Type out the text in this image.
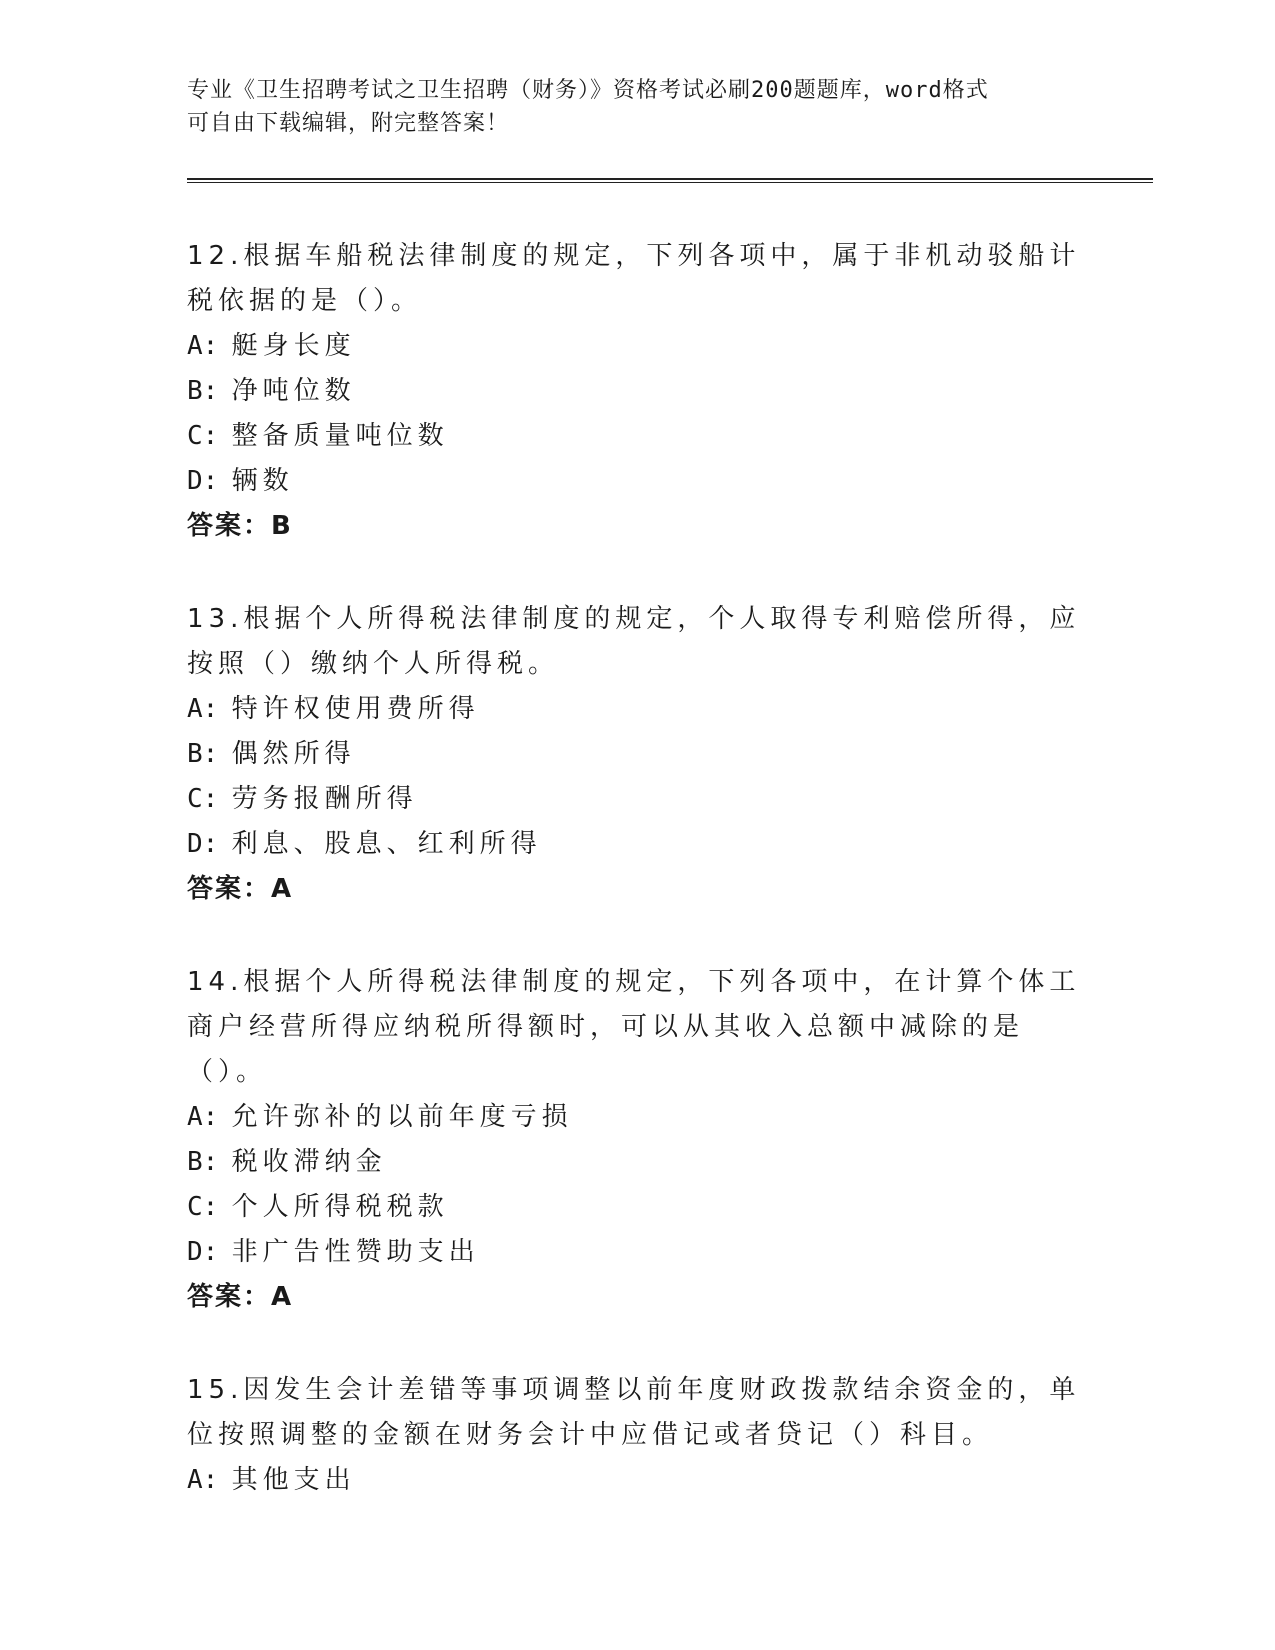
专业《卫生招聘考试之卫生招聘（财务）》资格考试必刷200题题库，word格式
可自由下载编辑，附完整答案！
12.根据车船税法律制度的规定，下列各项中，属于非机动驳船计税依据的是（）。
A: 艇身长度
B: 净吨位数
C: 整备质量吨位数
D: 辆数
答案：B
13.根据个人所得税法律制度的规定，个人取得专利赔偿所得，应按照（）缴纳个人所得税。
A: 特许权使用费所得
B: 偶然所得
C: 劳务报酬所得
D: 利息、股息、红利所得
答案：A
14.根据个人所得税法律制度的规定，下列各项中，在计算个体工商户经营所得应纳税所得额时，可以从其收入总额中减除的是（）。
A: 允许弥补的以前年度亏损
B: 税收滞纳金
C: 个人所得税税款
D: 非广告性赞助支出
答案：A
15.因发生会计差错等事项调整以前年度财政拨款结余资金的，单位按照调整的金额在财务会计中应借记或者贷记（）科目。
A: 其他支出
